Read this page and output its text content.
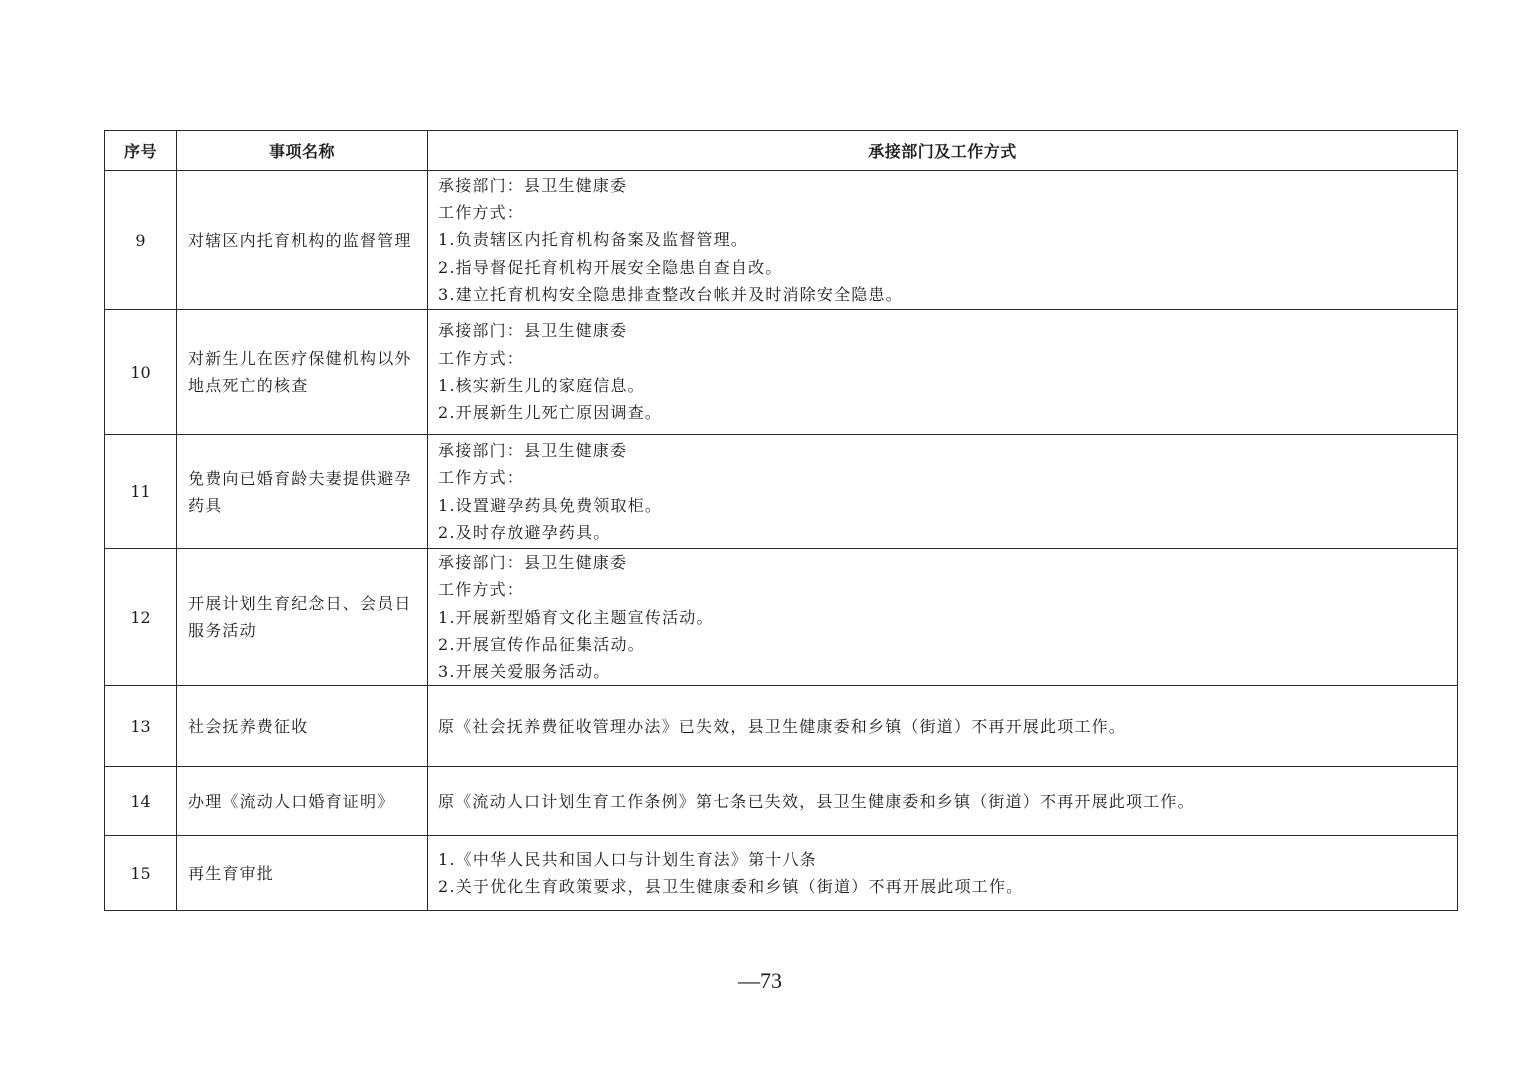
序号	事项名称	承接部门及工作方式
9	对辖区内托育机构的监督管理	承接部门：县卫生健康委
工作方式：
1.负责辖区内托育机构备案及监督管理。
2.指导督促托育机构开展安全隐患自查自改。
3.建立托育机构安全隐患排查整改台帐并及时消除安全隐患。

10	对新生儿在医疗保健机构以外地点死亡的核查	承接部门：县卫生健康委
工作方式：
1.核实新生儿的家庭信息。
2.开展新生儿死亡原因调查。

11	免费向已婚育龄夫妻提供避孕药具	承接部门：县卫生健康委
工作方式：
1.设置避孕药具免费领取柜。
2.及时存放避孕药具。

12	开展计划生育纪念日、会员日服务活动	承接部门：县卫生健康委
工作方式：
1.开展新型婚育文化主题宣传活动。
2.开展宣传作品征集活动。
3.开展关爱服务活动。

13	社会抚养费征收	原《社会抚养费征收管理办法》已失效，县卫生健康委和乡镇（街道）不再开展此项工作。

14	办理《流动人口婚育证明》	原《流动人口计划生育工作条例》第七条已失效，县卫生健康委和乡镇（街道）不再开展此项工作。

15	再生育审批	1.《中华人民共和国人口与计划生育法》第十八条
2.关于优化生育政策要求，县卫生健康委和乡镇（街道）不再开展此项工作。
—73
